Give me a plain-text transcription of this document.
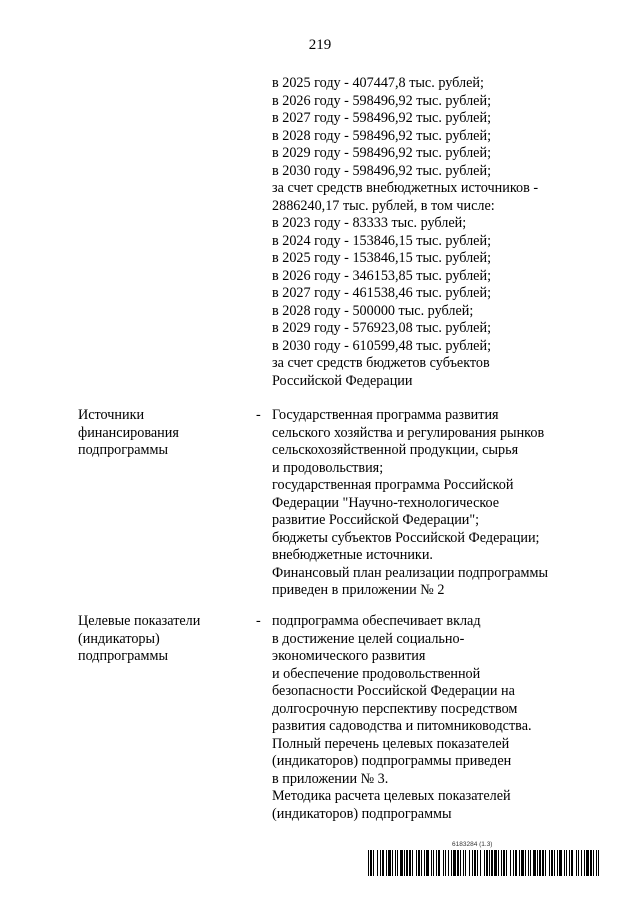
219
в 2025 году - 407447,8 тыс. рублей;
в 2026 году - 598496,92 тыс. рублей;
в 2027 году - 598496,92 тыс. рублей;
в 2028 году - 598496,92 тыс. рублей;
в 2029 году - 598496,92 тыс. рублей;
в 2030 году - 598496,92 тыс. рублей;
за счет средств внебюджетных источников -
2886240,17 тыс. рублей, в том числе:
в 2023 году - 83333 тыс. рублей;
в 2024 году - 153846,15 тыс. рублей;
в 2025 году - 153846,15 тыс. рублей;
в 2026 году - 346153,85 тыс. рублей;
в 2027 году - 461538,46 тыс. рублей;
в 2028 году - 500000 тыс. рублей;
в 2029 году - 576923,08 тыс. рублей;
в 2030 году - 610599,48 тыс. рублей;
за счет средств бюджетов субъектов
Российской Федерации
Источники
финансирования
подпрограммы
- Государственная программа развития
сельского хозяйства и регулирования рынков
сельскохозяйственной продукции, сырья
и продовольствия;
государственная программа Российской
Федерации "Научно-технологическое
развитие Российской Федерации";
бюджеты субъектов Российской Федерации;
внебюджетные источники.
Финансовый план реализации подпрограммы
приведен в приложении № 2
Целевые показатели
(индикаторы)
подпрограммы
- подпрограмма обеспечивает вклад
в достижение целей социально-
экономического развития
и обеспечение продовольственной
безопасности Российской Федерации на
долгосрочную перспективу посредством
развития садоводства и питомниководства.
Полный перечень целевых показателей
(индикаторов) подпрограммы приведен
в приложении № 3.
Методика расчета целевых показателей
(индикаторов) подпрограммы
6183284 (1.3)
